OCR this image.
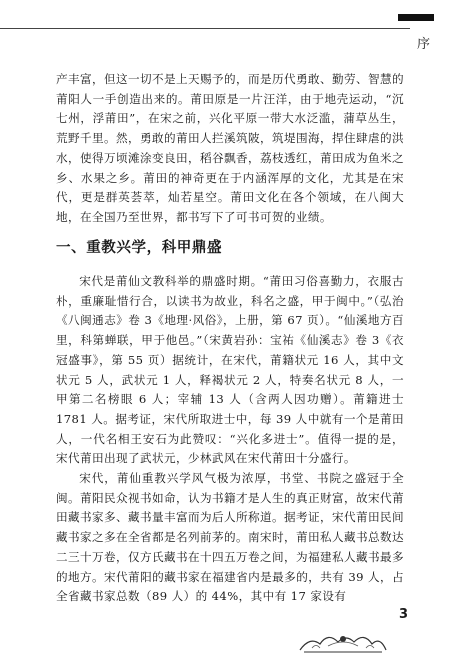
序

产丰富，但这一切不是上天赐予的，而是历代勇敢、勤劳、智慧的莆阳人一手创造出来的。莆田原是一片汪洋，由于地壳运动，“沉七州，浮莆田”，在宋之前，兴化平原一带大水泛滥，蒲草丛生，荒野千里。然，勇敢的莆田人拦溪筑陂，筑堤围海，捍住肆虐的洪水，使得万顷滩涂变良田，稻谷飘香，荔枝透红，莆田成为鱼米之乡、水果之乡。莆田的神奇更在于内涵浑厚的文化，尤其是在宋代，更是群英荟萃，灿若星空。莆田文化在各个领域，在八闽大地，在全国乃至世界，都书写下了可书可贺的业绩。

一、重教兴学，科甲鼎盛

宋代是莆仙文教科举的鼎盛时期。“莆田习俗喜勤力，衣服古朴，重廉耻惜行合，以读书为故业，科名之盛，甲于闽中。”（弘治《八闽通志》卷 3《地理·风俗》，上册，第 67 页）。“仙溪地方百里，科第蝉联，甲于他邑。”（宋黄岩孙：宝祐《仙溪志》卷 3《衣冠盛事》，第 55 页）据统计，在宋代，莆籍状元 16 人，其中文状元 5 人，武状元 1 人，释褐状元 2 人，特奏名状元 8 人，一甲第二名榜眼 6 人；宰辅 13 人（含两人因功赠）。莆籍进士 1781 人。据考证，宋代所取进士中，每 39 人中就有一个是莆田人，一代名相王安石为此赞叹：“兴化多进士”。值得一提的是，宋代莆田出现了武状元，少林武风在宋代莆田十分盛行。

宋代，莆仙重教兴学风气极为浓厚，书堂、书院之盛冠于全闽。莆阳民众视书如命，认为书籍才是人生的真正财富，故宋代莆田藏书家多、藏书量丰富而为后人所称道。据考证，宋代莆田民间藏书家之多在全省都是名列前茅的。南宋时，莆田私人藏书总数达二三十万卷，仅方氏藏书在十四五万卷之间，为福建私人藏书最多的地方。宋代莆阳的藏书家在福建省内是最多的，共有 39 人，占全省藏书家总数（89 人）的 44%，其中有 17 家设有

3
